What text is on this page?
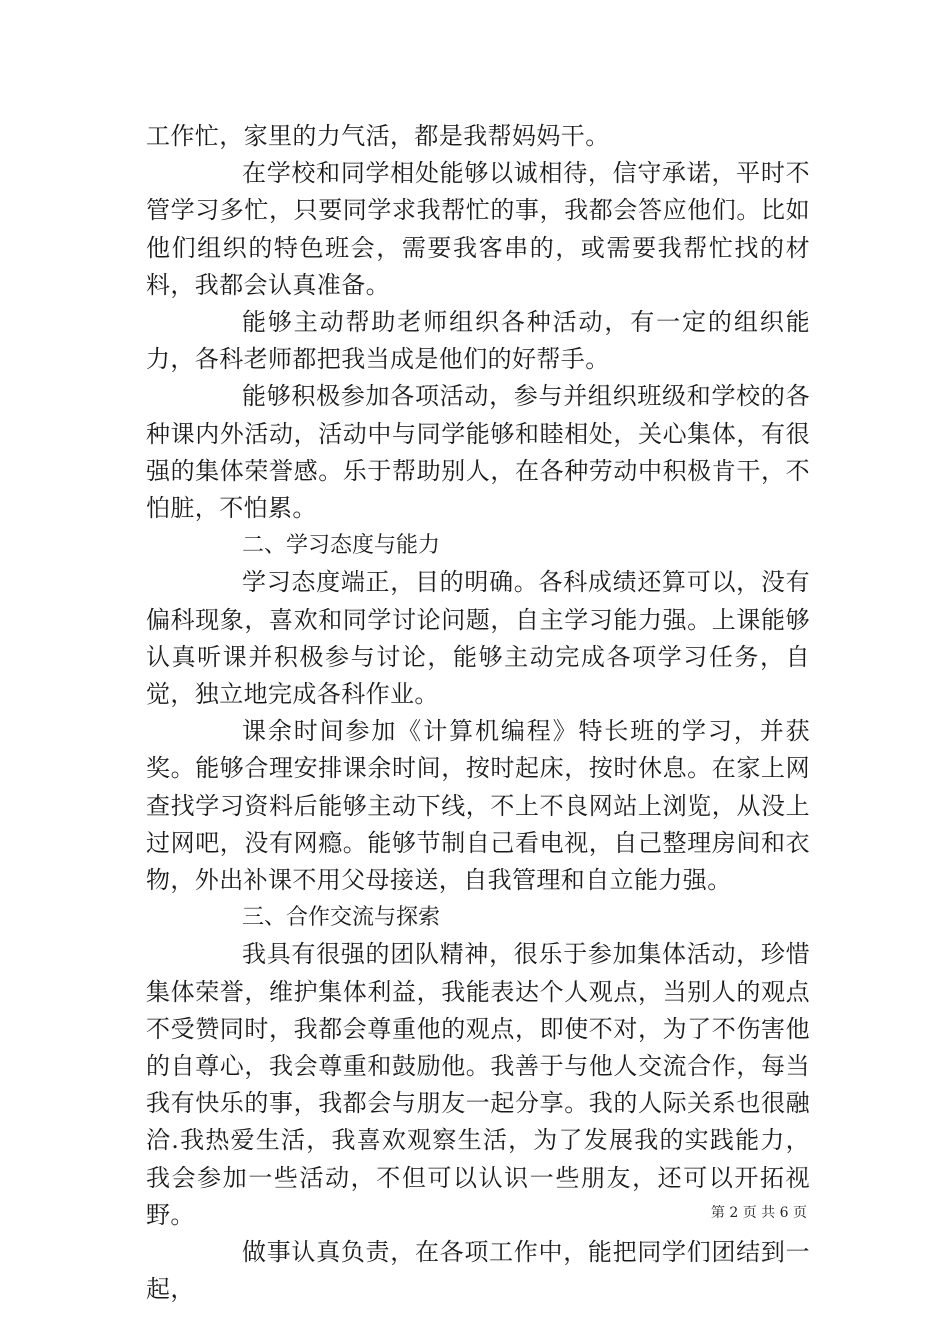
工作忙，家里的力气活，都是我帮妈妈干。

在学校和同学相处能够以诚相待，信守承诺，平时不管学习多忙，只要同学求我帮忙的事，我都会答应他们。比如他们组织的特色班会，需要我客串的，或需要我帮忙找的材料，我都会认真准备。

能够主动帮助老师组织各种活动，有一定的组织能力，各科老师都把我当成是他们的好帮手。

能够积极参加各项活动，参与并组织班级和学校的各种课内外活动，活动中与同学能够和睦相处，关心集体，有很强的集体荣誉感。乐于帮助别人，在各种劳动中积极肯干，不怕脏，不怕累。

二、学习态度与能力

学习态度端正，目的明确。各科成绩还算可以，没有偏科现象，喜欢和同学讨论问题，自主学习能力强。上课能够认真听课并积极参与讨论，能够主动完成各项学习任务，自觉，独立地完成各科作业。

课余时间参加《计算机编程》特长班的学习，并获奖。能够合理安排课余时间，按时起床，按时休息。在家上网查找学习资料后能够主动下线，不上不良网站上浏览，从没上过网吧，没有网瘾。能够节制自己看电视，自己整理房间和衣物，外出补课不用父母接送，自我管理和自立能力强。

三、合作交流与探索

我具有很强的团队精神，很乐于参加集体活动，珍惜集体荣誉，维护集体利益，我能表达个人观点，当别人的观点不受赞同时，我都会尊重他的观点，即使不对，为了不伤害他的自尊心，我会尊重和鼓励他。我善于与他人交流合作，每当我有快乐的事，我都会与朋友一起分享。我的人际关系也很融洽.我热爱生活，我喜欢观察生活，为了发展我的实践能力，我会参加一些活动，不但可以认识一些朋友，还可以开拓视野。

做事认真负责，在各项工作中，能把同学们团结到一起，

第 2 页 共 6 页
